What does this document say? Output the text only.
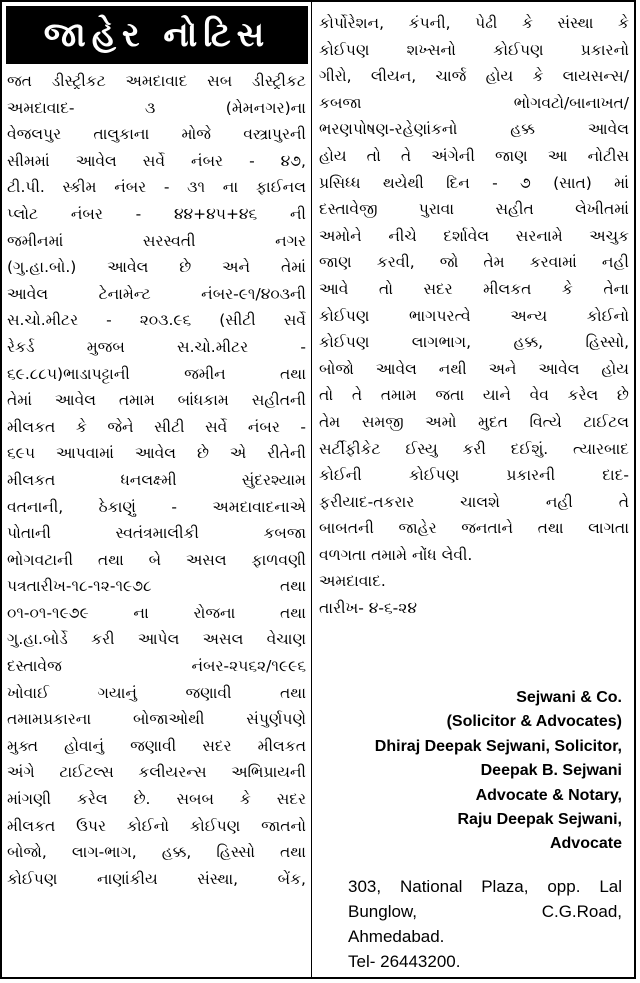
જાહેર નોટિસ
જત ડીસ્ટ્રીકટ અમદાવાદ સબ ડીસ્ટ્રીકટ
અમદાવાદ-	૩	(મેમનગર)ના
વેજલપુર તાલુકાના મોજે વસ્ત્રાપુરની
સીમમાં આવેલ સર્વે નંબર - ૪૭,
ટી.પી. સ્કીમ નંબર - ૩૧ ના ફાઈનલ
પ્લોટ નંબર - ૪૪+૪૫+૪૬ ની
જમીનમાં	સરસ્વતી	નગર
(ગુ.હા.બો.) આવેલ છે અને તેમાં
આવેલ	ટેનામેન્ટ	નંબર-૯૧/૪૦૩ની
સ.ચો.મીટર - ૨૦૩.૯૬ (સીટી સર્વે
રેકર્ડ	મુજબ	સ.ચો.મીટર	-
૬૯.૮૮૫)ભાડાપટ્ટાની	જમીન	તથા
તેમાં આવેલ તમામ બાંધકામ સહીતની
મીલકત કે જેને સીટી સર્વે નંબર -
૬૯૫ આપવામાં આવેલ છે એ રીતેની
મીલકત	ધનલક્ષ્મી	સુંદરશ્યામ
વતનાની, ઠેકાણું - અમદાવાદનાએ
પોતાની	સ્વતંત્રમાલીકી	કબજા
ભોગવટાની તથા બે અસલ ફાળવણી
પત્રતારીખ-૧૮-૧૨-૧૯૭૮	તથા
૦૧-૦૧-૧૯૭૯	ના	રોજના	તથા
ગુ.હા.બોર્ડે કરી આપેલ અસલ વેચાણ
દસ્તાવેજ	નંબર-૨૫૬૨/૧૯૯૬
ખોવાઈ	ગયાનું	જણાવી	તથા
તમામપ્રકારના	બોજાઓથી	સંપુર્ણપણે
મુક્ત હોવાનું જણાવી સદર મીલકત
અંગે ટાઈટલ્સ કલીયરન્સ અભિપ્રાયની
માંગણી કરેલ છે. સબબ કે સદર
મીલકત ઉપર કોઈનો કોઈપણ જાતનો
બોજો, લાગ-ભાગ, હક્ક, હિસ્સો તથા
કોઈપણ	નાણાંકીય	સંસ્થા,	બેંક,
કોર્પોરેશન, કંપની, પેઢી કે સંસ્થા કે
કોઈપણ શખ્સનો કોઈપણ પ્રકારનો
ગીરો, લીયન, ચાર્જ હોય કે લાયસન્સ/
કબજા	ભોગવટો/બાનાખત/
ભરણપોષણ-રહેણાંકનો	હક્ક	આવેલ
હોય તો તે અંગેની જાણ આ નોટીસ
પ્રસિધ્ધ થયેથી દિન - ૭ (સાત) માં
દસ્તાવેજી	પુરાવા	સહીત	લેખીતમાં
અમોને નીચે દર્શાવેલ સરનામે અચુક
જાણ કરવી, જો તેમ કરવામાં નહી
આવે તો સદર મીલકત કે તેના
કોઈપણ	ભાગપરત્વે	અન્ય	કોઈનો
કોઈપણ	લાગભાગ,	હક્ક,	હિસ્સો,
બોજો આવેલ નથી અને આવેલ હોય
તો તે તમામ જતા યાને વેવ કરેલ છે
તેમ સમજી અમો મુદત વિત્યે ટાઈટલ
સર્ટીફીકેટ ઈસ્યુ કરી દઈશું. ત્યારબાદ
કોઈની	કોઈપણ	પ્રકારની	દાદ-
ફરીયાદ-તકરાર	ચાલશે	નહી	તે
બાબતની જાહેર જનતાને તથા લાગતા
વળગતા તમામે નોંધ લેવી.
અમદાવાદ.
તારીખ- ૪-૬-૨૪
Sejwani & Co.
(Solicitor & Advocates)
Dhiraj Deepak Sejwani, Solicitor,
Deepak B. Sejwani
Advocate & Notary,
Raju Deepak Sejwani,
Advocate
303, National Plaza, opp. Lal
Bunglow,	C.G.Road,
Ahmedabad.
Tel- 26443200.
